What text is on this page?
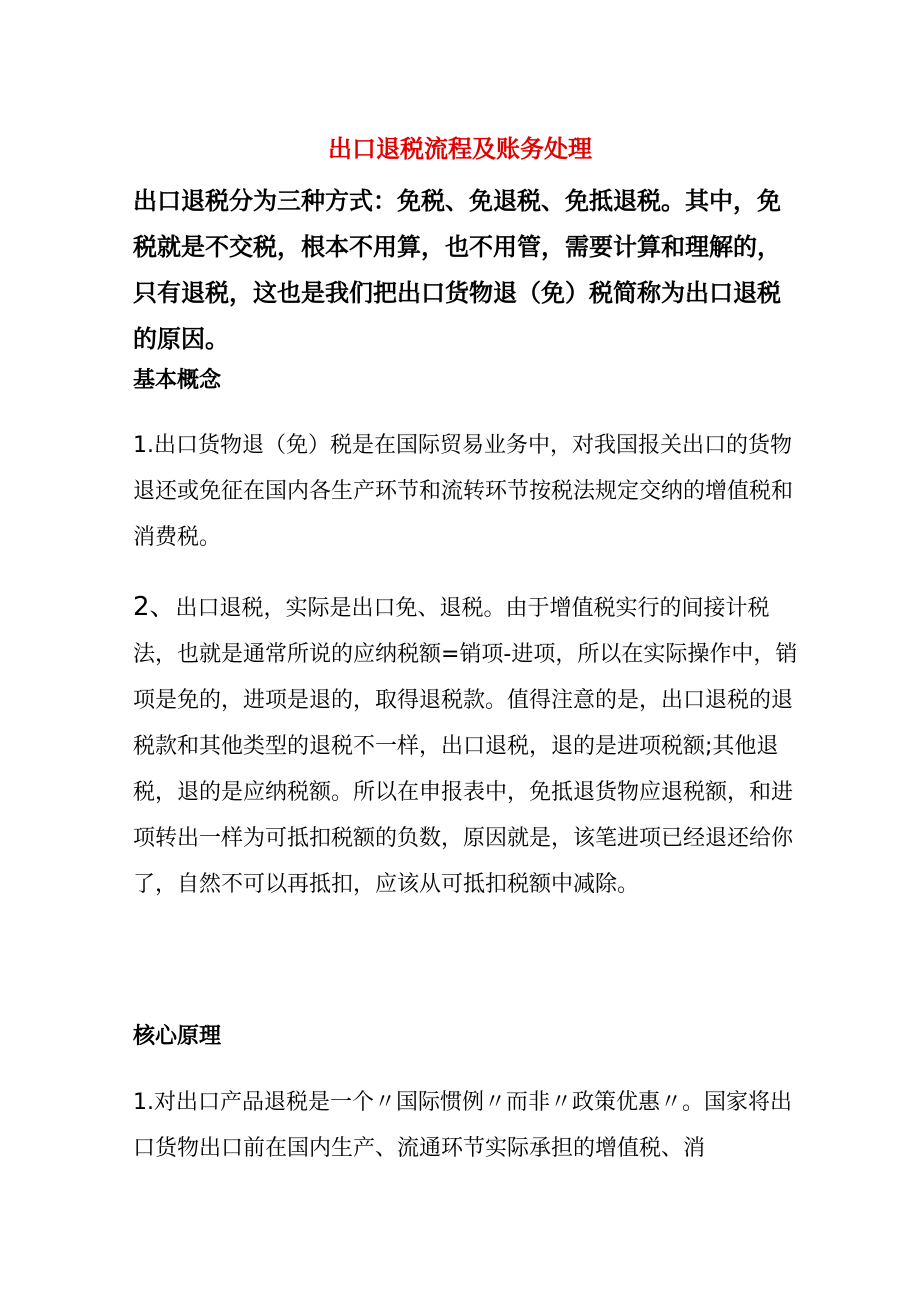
出口退税流程及账务处理

出口退税分为三种方式：免税、免退税、免抵退税。其中，免税就是不交税，根本不用算，也不用管，需要计算和理解的，只有退税，这也是我们把出口货物退（免）税简称为出口退税的原因。

基本概念

1.出口货物退（免）税是在国际贸易业务中，对我国报关出口的货物退还或免征在国内各生产环节和流转环节按税法规定交纳的增值税和消费税。

2、出口退税，实际是出口免、退税。由于增值税实行的间接计税法，也就是通常所说的应纳税额=销项-进项，所以在实际操作中，销项是免的，进项是退的，取得退税款。值得注意的是，出口退税的退税款和其他类型的退税不一样，出口退税，退的是进项税额;其他退税，退的是应纳税额。所以在申报表中，免抵退货物应退税额，和进项转出一样为可抵扣税额的负数，原因就是，该笔进项已经退还给你了，自然不可以再抵扣，应该从可抵扣税额中减除。

核心原理

1.对出口产品退税是一个〃国际惯例〃而非〃政策优惠〃。国家将出口货物出口前在国内生产、流通环节实际承担的增值税、消
